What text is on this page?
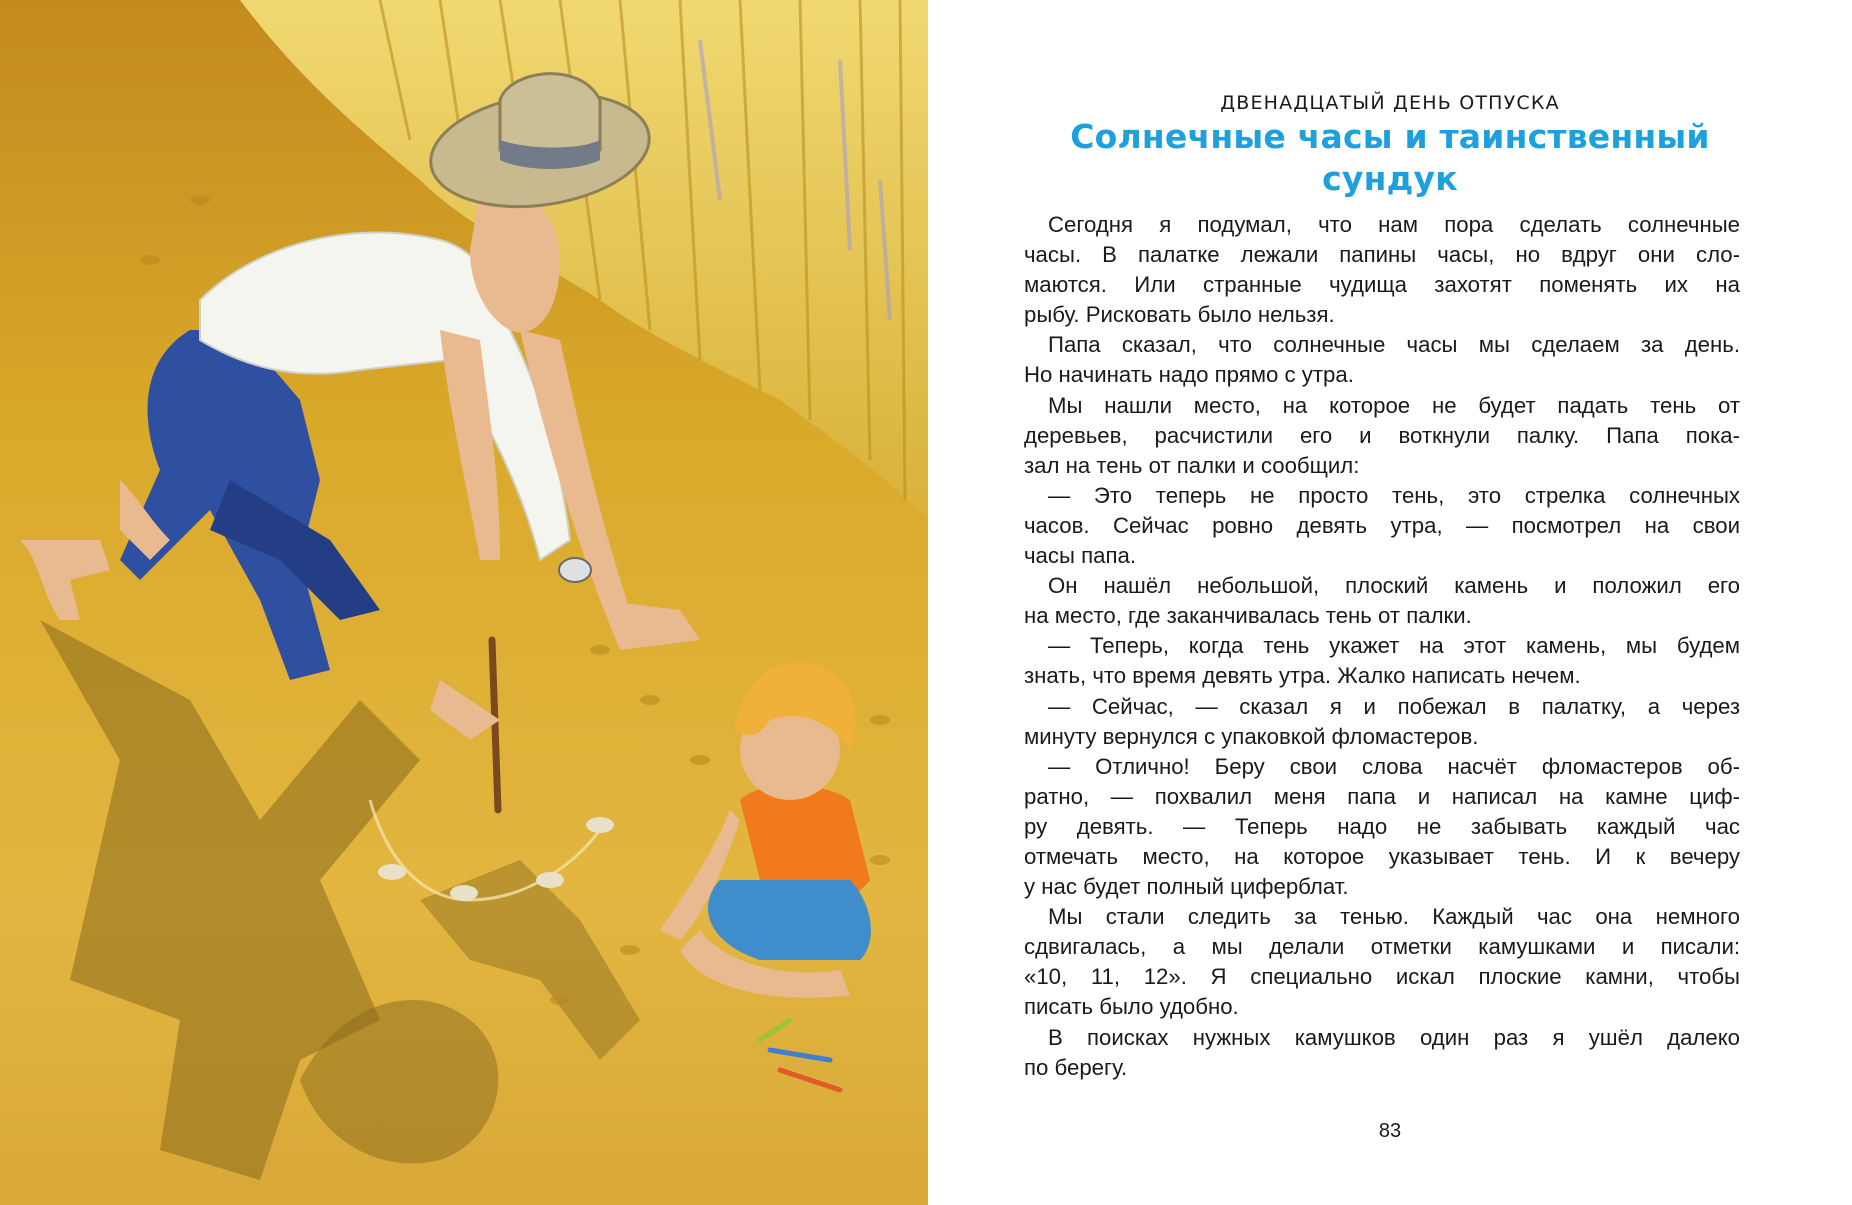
ДВЕНАДЦАТЫЙ ДЕНЬ ОТПУСКА
Солнечные часы и таинственный
сундук
Сегодня я подумал, что нам пора сделать солнечные
часы. В палатке лежали папины часы, но вдруг они сло-
маются. Или странные чудища захотят поменять их на
рыбу. Рисковать было нельзя.
Папа сказал, что солнечные часы мы сделаем за день.
Но начинать надо прямо с утра.
Мы нашли место, на которое не будет падать тень от
деревьев, расчистили его и воткнули палку. Папа пока-
зал на тень от палки и сообщил:
— Это теперь не просто тень, это стрелка солнечных
часов. Сейчас ровно девять утра, — посмотрел на свои
часы папа.
Он нашёл небольшой, плоский камень и положил его
на место, где заканчивалась тень от палки.
— Теперь, когда тень укажет на этот камень, мы будем
знать, что время девять утра. Жалко написать нечем.
— Сейчас, — сказал я и побежал в палатку, а через
минуту вернулся с упаковкой фломастеров.
— Отлично! Беру свои слова насчёт фломастеров об-
ратно, — похвалил меня папа и написал на камне циф-
ру девять. — Теперь надо не забывать каждый час
отмечать место, на которое указывает тень. И к вечеру
у нас будет полный циферблат.
Мы стали следить за тенью. Каждый час она немного
сдвигалась, а мы делали отметки камушками и писали:
«10, 11, 12». Я специально искал плоские камни, чтобы
писать было удобно.
В поисках нужных камушков один раз я ушёл далеко
по берегу.
83
